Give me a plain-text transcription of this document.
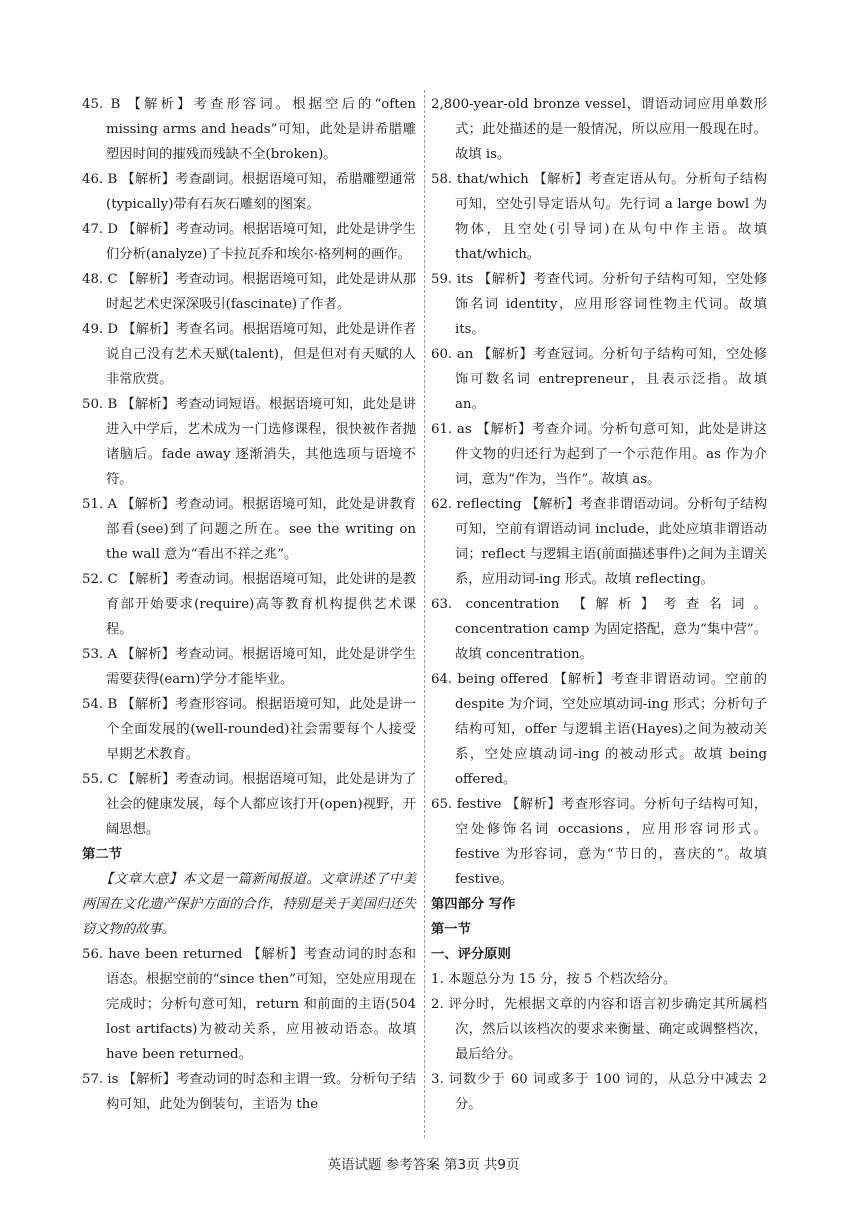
45. B 【解析】考查形容词。根据空后的“often missing arms and heads”可知，此处是讲希腊雕塑因时间的摧残而残缺不全(broken)。

46. B 【解析】考查副词。根据语境可知，希腊雕塑通常(typically)带有石灰石雕刻的图案。

47. D 【解析】考查动词。根据语境可知，此处是讲学生们分析(analyze)了卡拉瓦乔和埃尔·格列柯的画作。

48. C 【解析】考查动词。根据语境可知，此处是讲从那时起艺术史深深吸引(fascinate)了作者。

49. D 【解析】考查名词。根据语境可知，此处是讲作者说自己没有艺术天赋(talent)，但是但对有天赋的人非常欣赏。

50. B 【解析】考查动词短语。根据语境可知，此处是讲进入中学后，艺术成为一门选修课程，很快被作者抛诸脑后。fade away 逐渐消失，其他选项与语境不符。

51. A 【解析】考查动词。根据语境可知，此处是讲教育部看(see)到了问题之所在。see the writing on the wall 意为“看出不祥之兆”。

52. C 【解析】考查动词。根据语境可知，此处讲的是教育部开始要求(require)高等教育机构提供艺术课程。

53. A 【解析】考查动词。根据语境可知，此处是讲学生需要获得(earn)学分才能毕业。

54. B 【解析】考查形容词。根据语境可知，此处是讲一个全面发展的(well-rounded)社会需要每个人接受早期艺术教育。

55. C 【解析】考查动词。根据语境可知，此处是讲为了社会的健康发展，每个人都应该打开(open)视野，开阔思想。

第二节

【文章大意】本文是一篇新闻报道。文章讲述了中美两国在文化遗产保护方面的合作，特别是关于美国归还失窃文物的故事。

56. have been returned 【解析】考查动词的时态和语态。根据空前的“since then”可知，空处应用现在完成时；分析句意可知，return 和前面的主语(504 lost artifacts)为被动关系，应用被动语态。故填 have been returned。

57. is 【解析】考查动词的时态和主谓一致。分析句子结构可知，此处为倒装句，主语为 the

2,800-year-old bronze vessel，谓语动词应用单数形式；此处描述的是一般情况，所以应用一般现在时。故填 is。

58. that/which 【解析】考查定语从句。分析句子结构可知，空处引导定语从句。先行词 a large bowl 为物体，且空处(引导词)在从句中作主语。故填 that/which。

59. its 【解析】考查代词。分析句子结构可知，空处修饰名词 identity，应用形容词性物主代词。故填 its。

60. an 【解析】考查冠词。分析句子结构可知，空处修饰可数名词 entrepreneur，且表示泛指。故填 an。

61. as 【解析】考查介词。分析句意可知，此处是讲这件文物的归还行为起到了一个示范作用。as 作为介词，意为“作为，当作”。故填 as。

62. reflecting 【解析】考查非谓语动词。分析句子结构可知，空前有谓语动词 include，此处应填非谓语动词；reflect 与逻辑主语(前面描述事件)之间为主谓关系，应用动词-ing 形式。故填 reflecting。

63. concentration 【解析】考查名词。concentration camp 为固定搭配，意为“集中营”。故填 concentration。

64. being offered 【解析】考查非谓语动词。空前的 despite 为介词，空处应填动词-ing 形式；分析句子结构可知，offer 与逻辑主语(Hayes)之间为被动关系，空处应填动词-ing 的被动形式。故填 being offered。

65. festive 【解析】考查形容词。分析句子结构可知，空处修饰名词 occasions，应用形容词形式。festive 为形容词，意为“节日的，喜庆的”。故填 festive。

第四部分 写作

第一节

一、评分原则

1. 本题总分为 15 分，按 5 个档次给分。

2. 评分时，先根据文章的内容和语言初步确定其所属档次，然后以该档次的要求来衡量、确定或调整档次，最后给分。

3. 词数少于 60 词或多于 100 词的，从总分中减去 2 分。

英语试题 参考答案 第3页 共9页
